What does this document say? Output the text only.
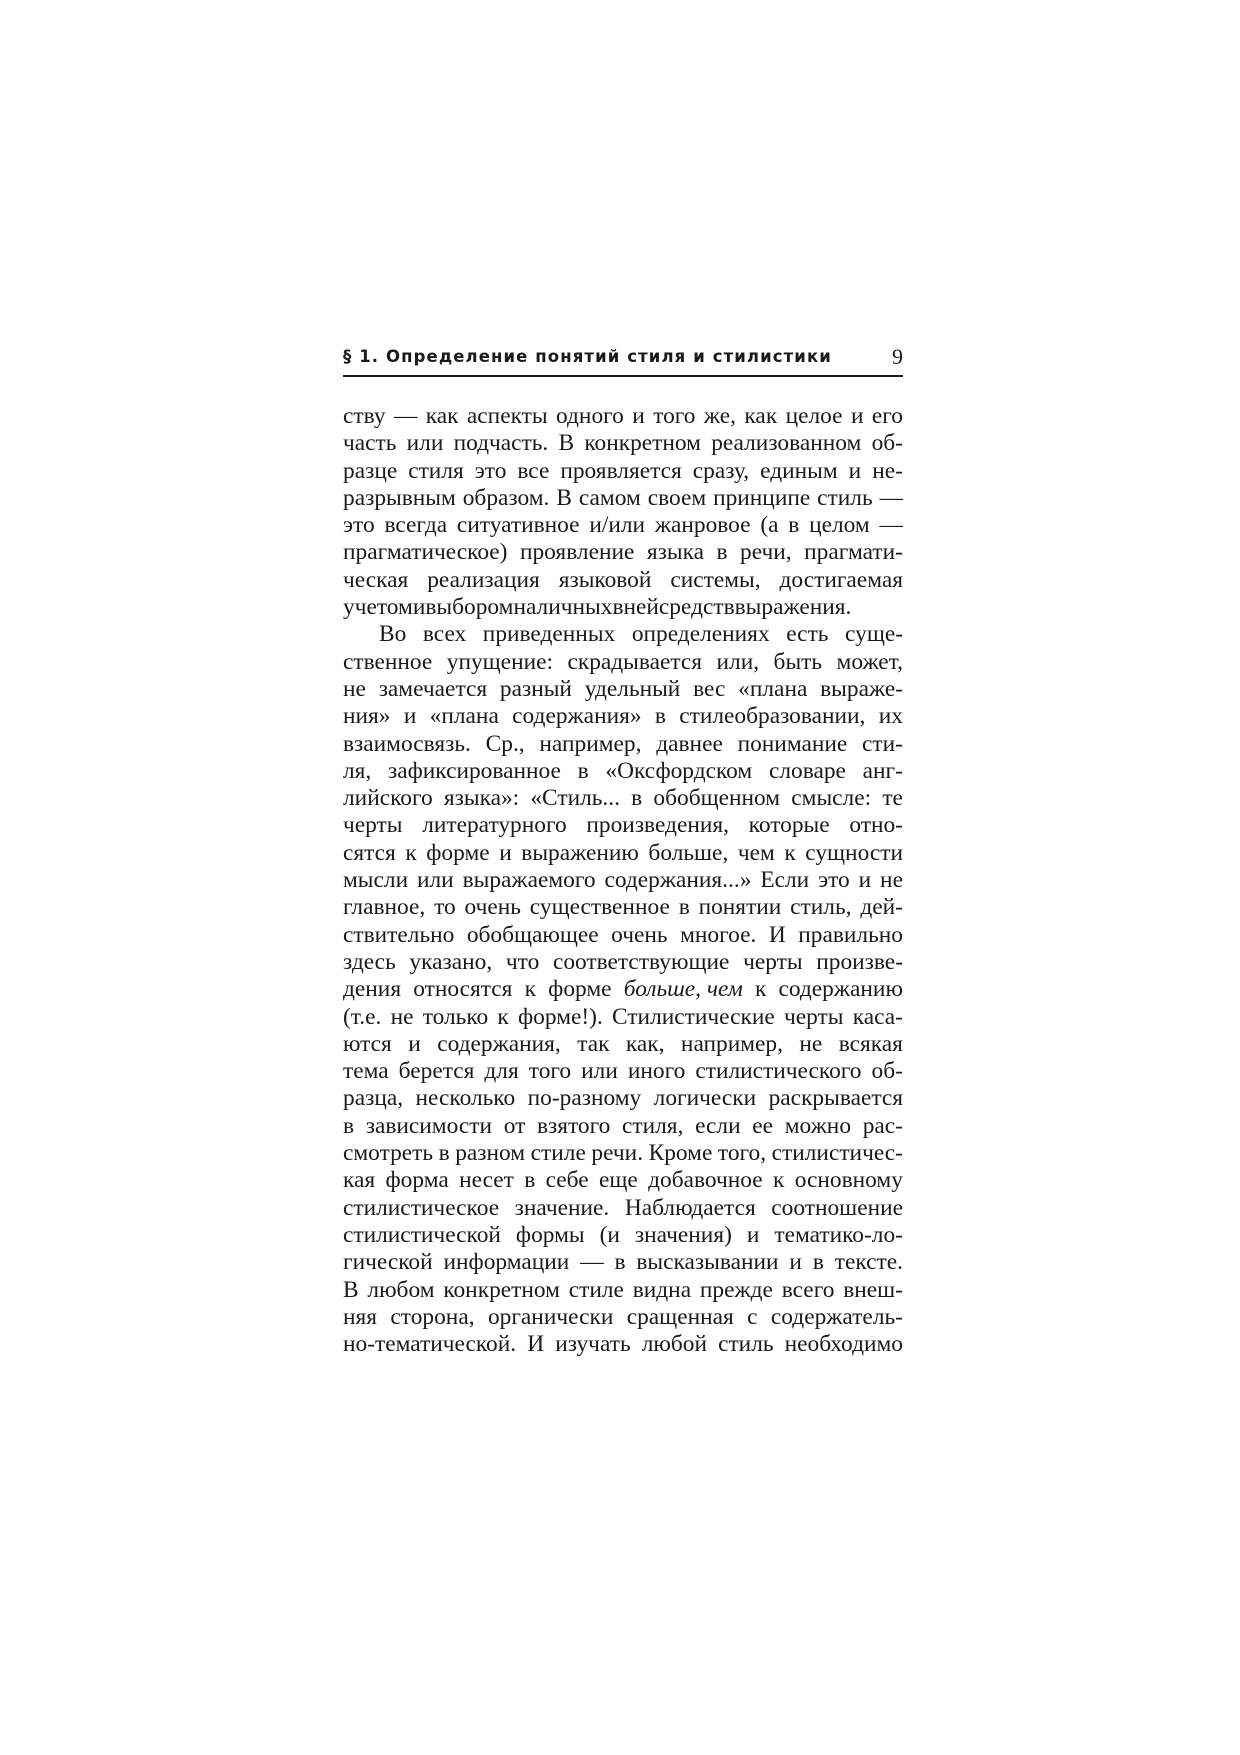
§ 1. Определение понятий стиля и стилистики	9
ству — как аспекты одного и того же, как целое и его
часть или подчасть. В конкретном реализованном об-
разце стиля это все проявляется сразу, единым и не-
разрывным образом. В самом своем принципе стиль —
это всегда ситуативное и/или жанровое (а в целом —
прагматическое) проявление языка в речи, прагмати-
ческая реализация языковой системы, достигаемая
учетом и выбором наличных в ней средств выражения.
Во всех приведенных определениях есть суще-
ственное упущение: скрадывается или, быть может,
не замечается разный удельный вес «плана выраже-
ния» и «плана содержания» в стилеобразовании, их
взаимосвязь. Ср., например, давнее понимание сти-
ля, зафиксированное в «Оксфордском словаре анг-
лийского языка»: «Стиль... в обобщенном смысле: те
черты литературного произведения, которые отно-
сятся к форме и выражению больше, чем к сущности
мысли или выражаемого содержания...» Если это и не
главное, то очень существенное в понятии стиль, дей-
ствительно обобщающее очень многое. И правильно
здесь указано, что соответствующие черты произве-
дения относятся к форме больше, чем к содержанию
(т.е. не только к форме!). Стилистические черты каса-
ются и содержания, так как, например, не всякая
тема берется для того или иного стилистического об-
разца, несколько по-разному логически раскрывается
в зависимости от взятого стиля, если ее можно рас-
смотреть в разном стиле речи. Кроме того, стилистичес-
кая форма несет в себе еще добавочное к основному
стилистическое значение. Наблюдается соотношение
стилистической формы (и значения) и тематико-ло-
гической информации — в высказывании и в тексте.
В любом конкретном стиле видна прежде всего внеш-
няя сторона, органически сращенная с содержатель-
но-тематической. И изучать любой стиль необходимо
